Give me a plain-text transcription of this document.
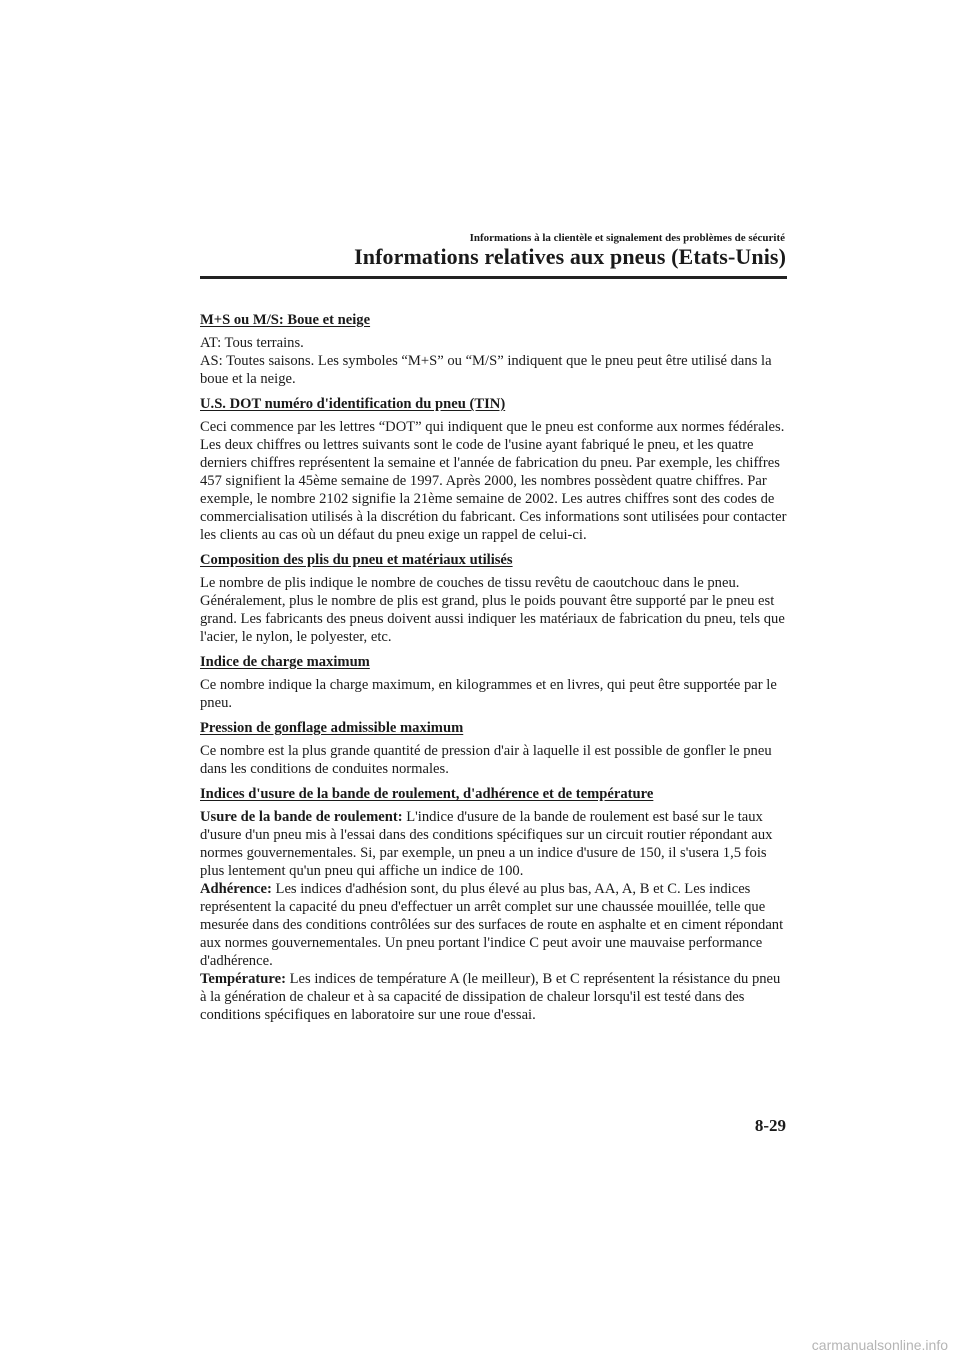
Informations à la clientèle et signalement des problèmes de sécurité
Informations relatives aux pneus (Etats-Unis)
M+S ou M/S: Boue et neige
AT: Tous terrains.
AS: Toutes saisons. Les symboles “M+S” ou “M/S” indiquent que le pneu peut être utilisé dans la boue et la neige.
U.S. DOT numéro d'identification du pneu (TIN)
Ceci commence par les lettres “DOT” qui indiquent que le pneu est conforme aux normes fédérales. Les deux chiffres ou lettres suivants sont le code de l'usine ayant fabriqué le pneu, et les quatre derniers chiffres représentent la semaine et l'année de fabrication du pneu. Par exemple, les chiffres 457 signifient la 45ème semaine de 1997. Après 2000, les nombres possèdent quatre chiffres. Par exemple, le nombre 2102 signifie la 21ème semaine de 2002. Les autres chiffres sont des codes de commercialisation utilisés à la discrétion du fabricant. Ces informations sont utilisées pour contacter les clients au cas où un défaut du pneu exige un rappel de celui-ci.
Composition des plis du pneu et matériaux utilisés
Le nombre de plis indique le nombre de couches de tissu revêtu de caoutchouc dans le pneu. Généralement, plus le nombre de plis est grand, plus le poids pouvant être supporté par le pneu est grand. Les fabricants des pneus doivent aussi indiquer les matériaux de fabrication du pneu, tels que l'acier, le nylon, le polyester, etc.
Indice de charge maximum
Ce nombre indique la charge maximum, en kilogrammes et en livres, qui peut être supportée par le pneu.
Pression de gonflage admissible maximum
Ce nombre est la plus grande quantité de pression d'air à laquelle il est possible de gonfler le pneu dans les conditions de conduites normales.
Indices d'usure de la bande de roulement, d'adhérence et de température
Usure de la bande de roulement: L'indice d'usure de la bande de roulement est basé sur le taux d'usure d'un pneu mis à l'essai dans des conditions spécifiques sur un circuit routier répondant aux normes gouvernementales. Si, par exemple, un pneu a un indice d'usure de 150, il s'usera 1,5 fois plus lentement qu'un pneu qui affiche un indice de 100.
Adhérence: Les indices d'adhésion sont, du plus élevé au plus bas, AA, A, B et C. Les indices représentent la capacité du pneu d'effectuer un arrêt complet sur une chaussée mouillée, telle que mesurée dans des conditions contrôlées sur des surfaces de route en asphalte et en ciment répondant aux normes gouvernementales. Un pneu portant l'indice C peut avoir une mauvaise performance d'adhérence.
Température: Les indices de température A (le meilleur), B et C représentent la résistance du pneu à la génération de chaleur et à sa capacité de dissipation de chaleur lorsqu'il est testé dans des conditions spécifiques en laboratoire sur une roue d'essai.
8-29
carmanualsonline.info
